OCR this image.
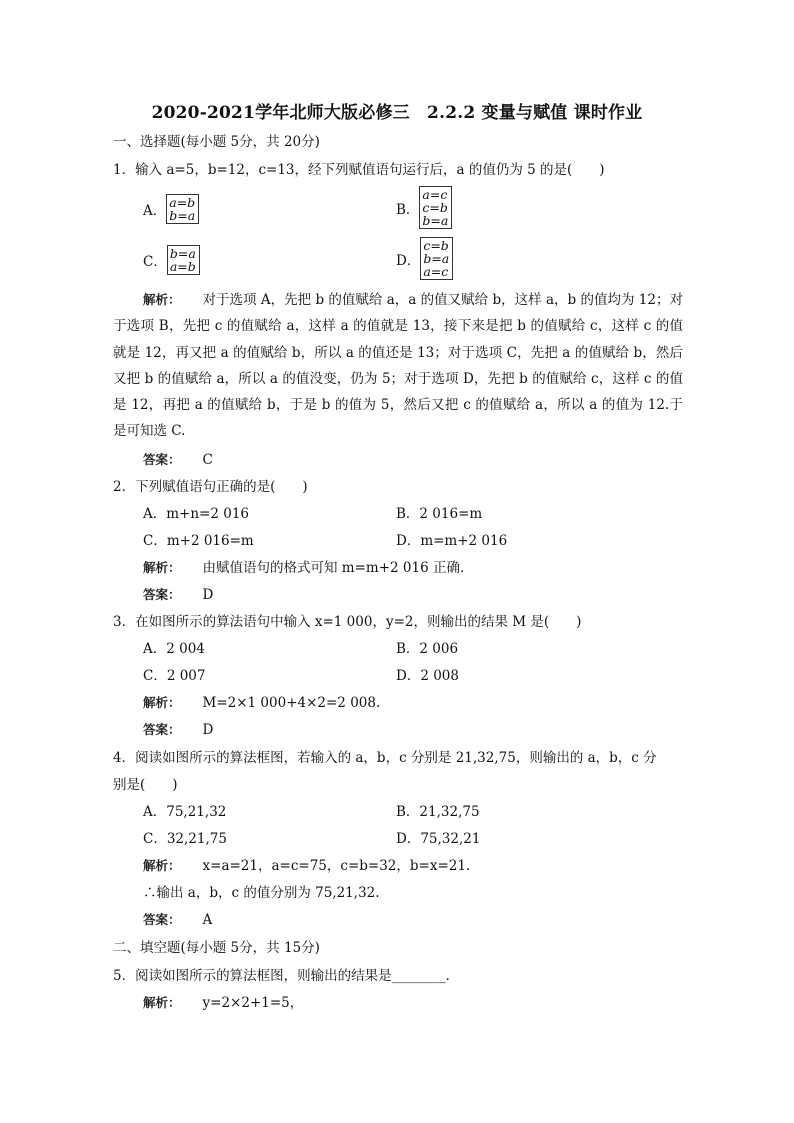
2020-2021学年北师大版必修三　2.2.2 变量与赋值 课时作业
一、选择题(每小题 5分，共 20分)
1．输入 a=5，b=12，c=13，经下列赋值语句运行后，a 的值仍为 5 的是(　　)
A．
a=b
b=a	B．
a=c
c=b
b=a
C．
b=a
a=b	D．
c=b
b=a
a=c
解析： 对于选项 A，先把 b 的值赋给 a，a 的值又赋给 b，这样 a，b 的值均为 12；对于选项 B，先把 c 的值赋给 a，这样 a 的值就是 13，接下来是把 b 的值赋给 c，这样 c 的值就是 12，再又把 a 的值赋给 b，所以 a 的值还是 13；对于选项 C，先把 a 的值赋给 b，然后又把 b 的值赋给 a，所以 a 的值没变，仍为 5；对于选项 D，先把 b 的值赋给 c，这样 c 的值是 12，再把 a 的值赋给 b，于是 b 的值为 5，然后又把 c 的值赋给 a，所以 a 的值为 12.于是可知选 C.
答案： C
2．下列赋值语句正确的是(　　)
A．m+n=2 016	B．2 016=m
C．m+2 016=m	D．m=m+2 016
解析： 由赋值语句的格式可知 m=m+2 016 正确．
答案： D
3．在如图所示的算法语句中输入 x=1 000，y=2，则输出的结果 M 是(　　)
A．2 004	B．2 006
C．2 007	D．2 008
解析： M=2×1 000+4×2=2 008.
答案： D
4．阅读如图所示的算法框图，若输入的 a，b，c 分别是 21,32,75，则输出的 a，b，c 分
别是(　　)
A．75,21,32	B．21,32,75
C．32,21,75	D．75,32,21
解析： x=a=21，a=c=75，c=b=32，b=x=21.
∴输出 a，b，c 的值分别为 75,21,32.
答案： A
二、填空题(每小题 5分，共 15分)
5．阅读如图所示的算法框图，则输出的结果是________．
解析： y=2×2+1=5，
